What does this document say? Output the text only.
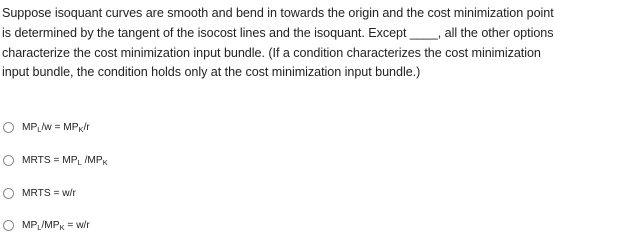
Suppose isoquant curves are smooth and bend in towards the origin and the cost minimization point
is determined by the tangent of the isocost lines and the isoquant. Except ____, all the other options
characterize the cost minimization input bundle. (If a condition characterizes the cost minimization
input bundle, the condition holds only at the cost minimization input bundle.)
$MP_L/w = MP_K/r$
MRTS = $MP_L$ $/MP_K$
MRTS = w/r
$MP_L/MP_K = w/r$
